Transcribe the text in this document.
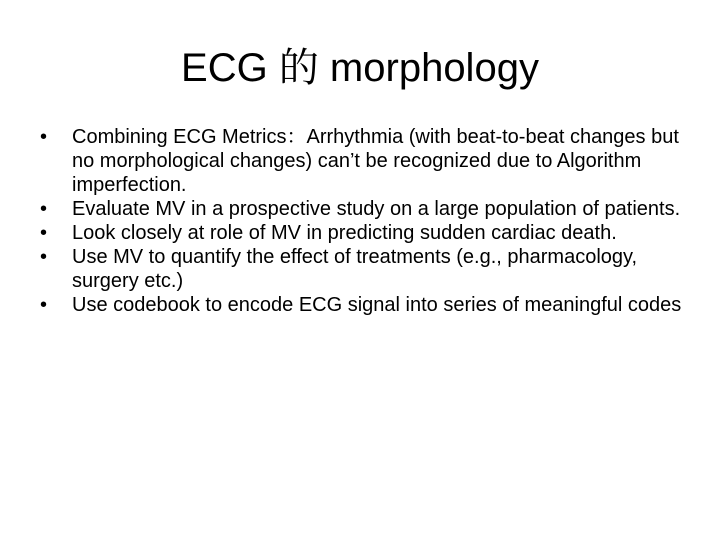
ECG 的 morphology
•	Combining ECG Metrics：Arrhythmia (with beat-to-beat changes but no morphological changes) can’t be recognized due to Algorithm imperfection.
•	Evaluate MV in a prospective study on a large population of patients.
•	Look closely at role of MV in predicting sudden cardiac death.
•	Use MV to quantify the effect of treatments (e.g., pharmacology, surgery etc.)
•	Use codebook to encode ECG signal into series of meaningful codes
